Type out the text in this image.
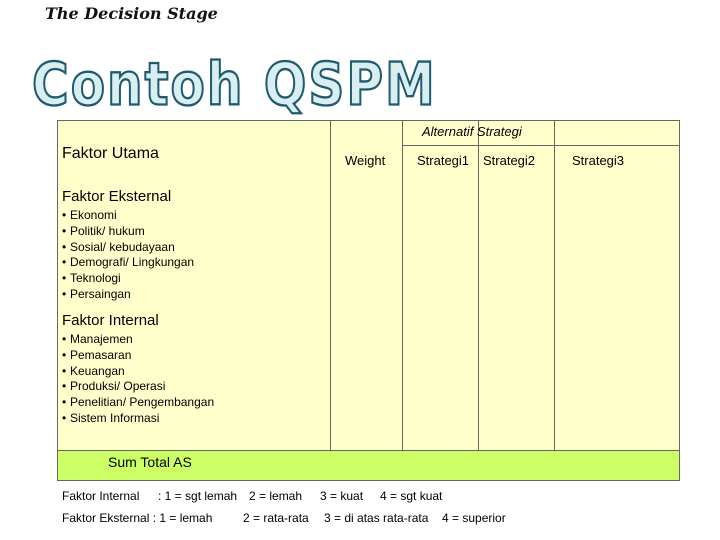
The Decision Stage
Contoh QSPM
Alternatif Strategi
Faktor Utama	Weight Strategi1 Strategi2	Strategi3
Faktor Eksternal
• Ekonomi
• Politik/ hukum
• Sosial/ kebudayaan
• Demografi/ Lingkungan
• Teknologi
• Persaingan
Faktor Internal
• Manajemen
• Pemasaran
• Keuangan
• Produksi/ Operasi
• Penelitian/ Pengembangan
• Sistem Informasi
Sum Total AS
Faktor Internal : 1 = sgt lemah 2 = lemah 3 = kuat 4 = sgt kuat
Faktor Eksternal : 1 = lemah	2 = rata-rata 3 = di atas rata-rata 4 = superior
